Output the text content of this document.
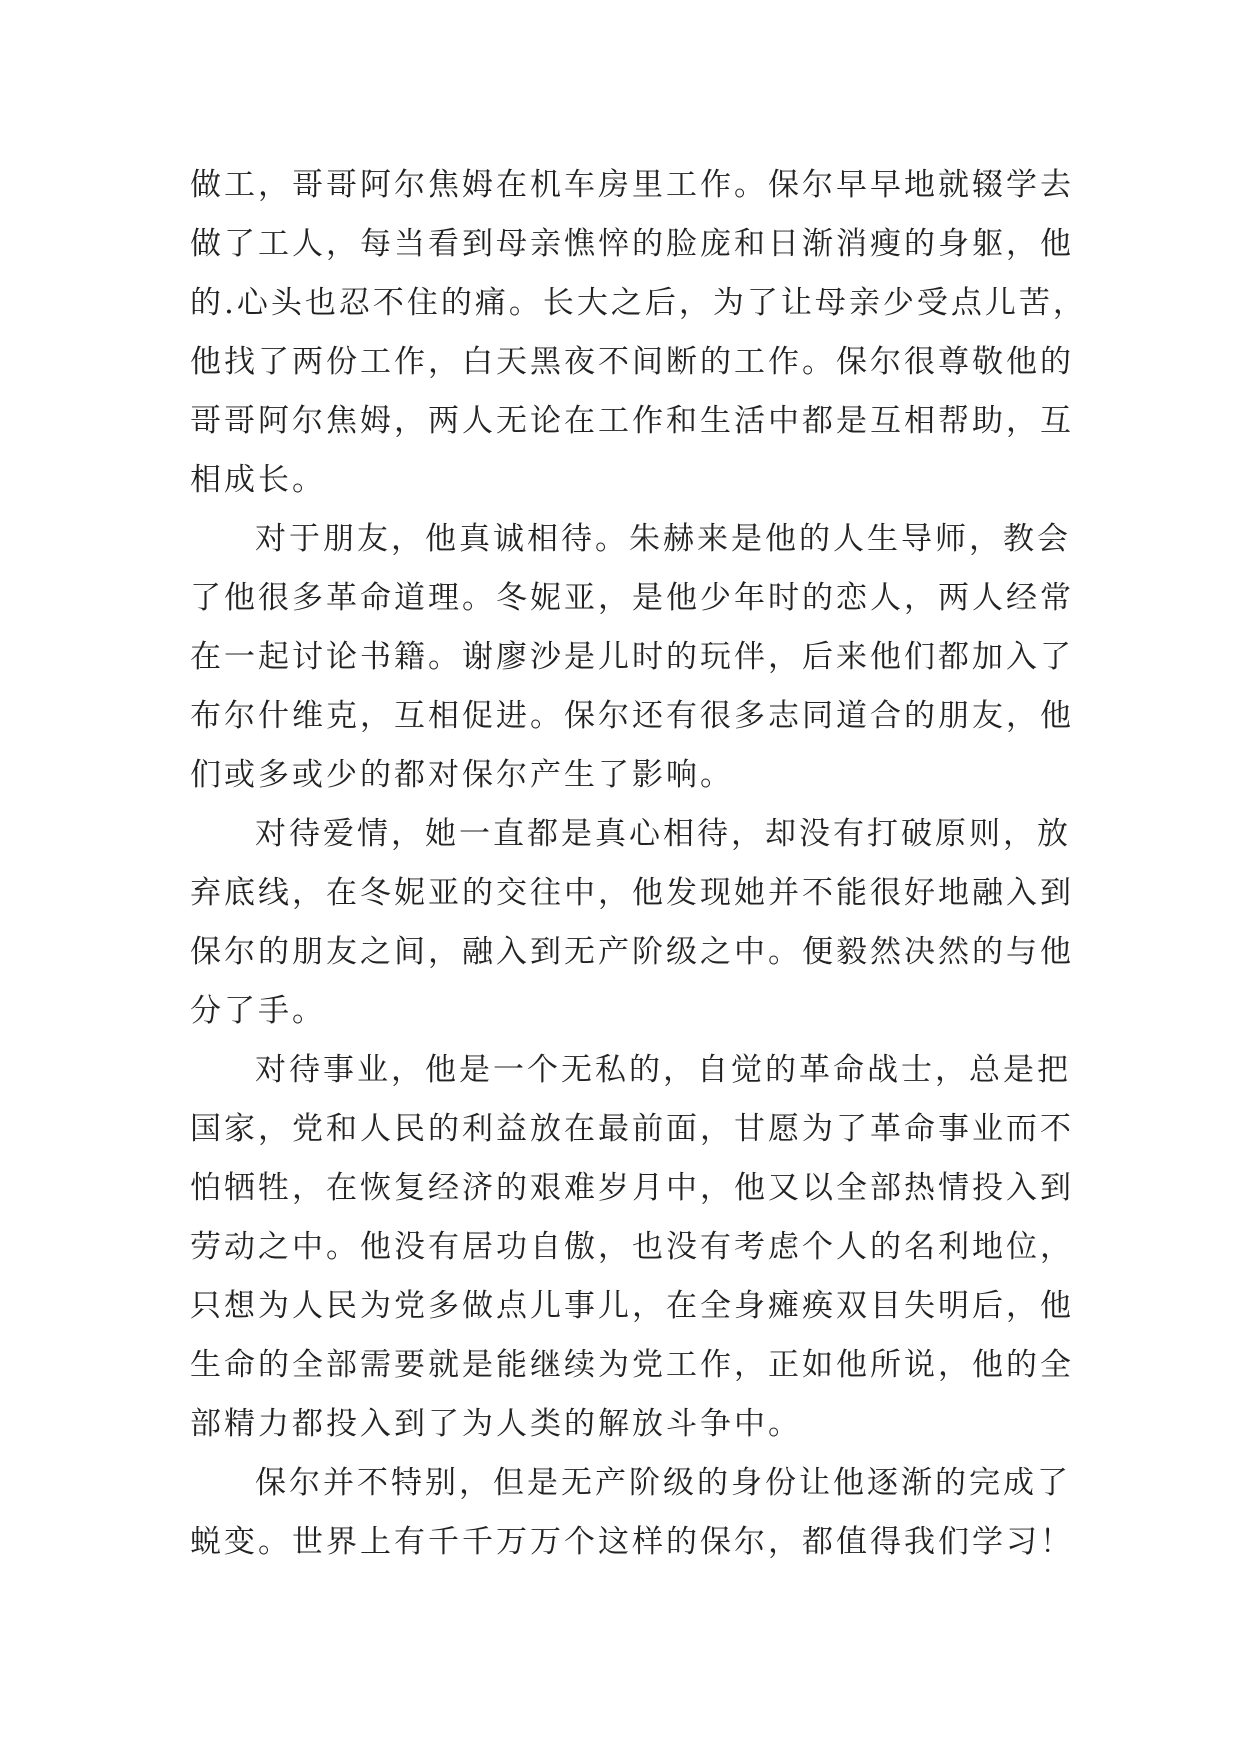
做工，哥哥阿尔焦姆在机车房里工作。保尔早早地就辍学去
做了工人，每当看到母亲憔悴的脸庞和日渐消瘦的身躯，他
的.心头也忍不住的痛。长大之后，为了让母亲少受点儿苦，
他找了两份工作，白天黑夜不间断的工作。保尔很尊敬他的
哥哥阿尔焦姆，两人无论在工作和生活中都是互相帮助，互
相成长。
对于朋友，他真诚相待。朱赫来是他的人生导师，教会
了他很多革命道理。冬妮亚，是他少年时的恋人，两人经常
在一起讨论书籍。谢廖沙是儿时的玩伴，后来他们都加入了
布尔什维克，互相促进。保尔还有很多志同道合的朋友，他
们或多或少的都对保尔产生了影响。
对待爱情，她一直都是真心相待，却没有打破原则，放
弃底线，在冬妮亚的交往中，他发现她并不能很好地融入到
保尔的朋友之间，融入到无产阶级之中。便毅然决然的与他
分了手。
对待事业，他是一个无私的，自觉的革命战士，总是把
国家，党和人民的利益放在最前面，甘愿为了革命事业而不
怕牺牲，在恢复经济的艰难岁月中，他又以全部热情投入到
劳动之中。他没有居功自傲，也没有考虑个人的名利地位，
只想为人民为党多做点儿事儿，在全身瘫痪双目失明后，他
生命的全部需要就是能继续为党工作，正如他所说，他的全
部精力都投入到了为人类的解放斗争中。
保尔并不特别，但是无产阶级的身份让他逐渐的完成了
蜕变。世界上有千千万万个这样的保尔，都值得我们学习！
